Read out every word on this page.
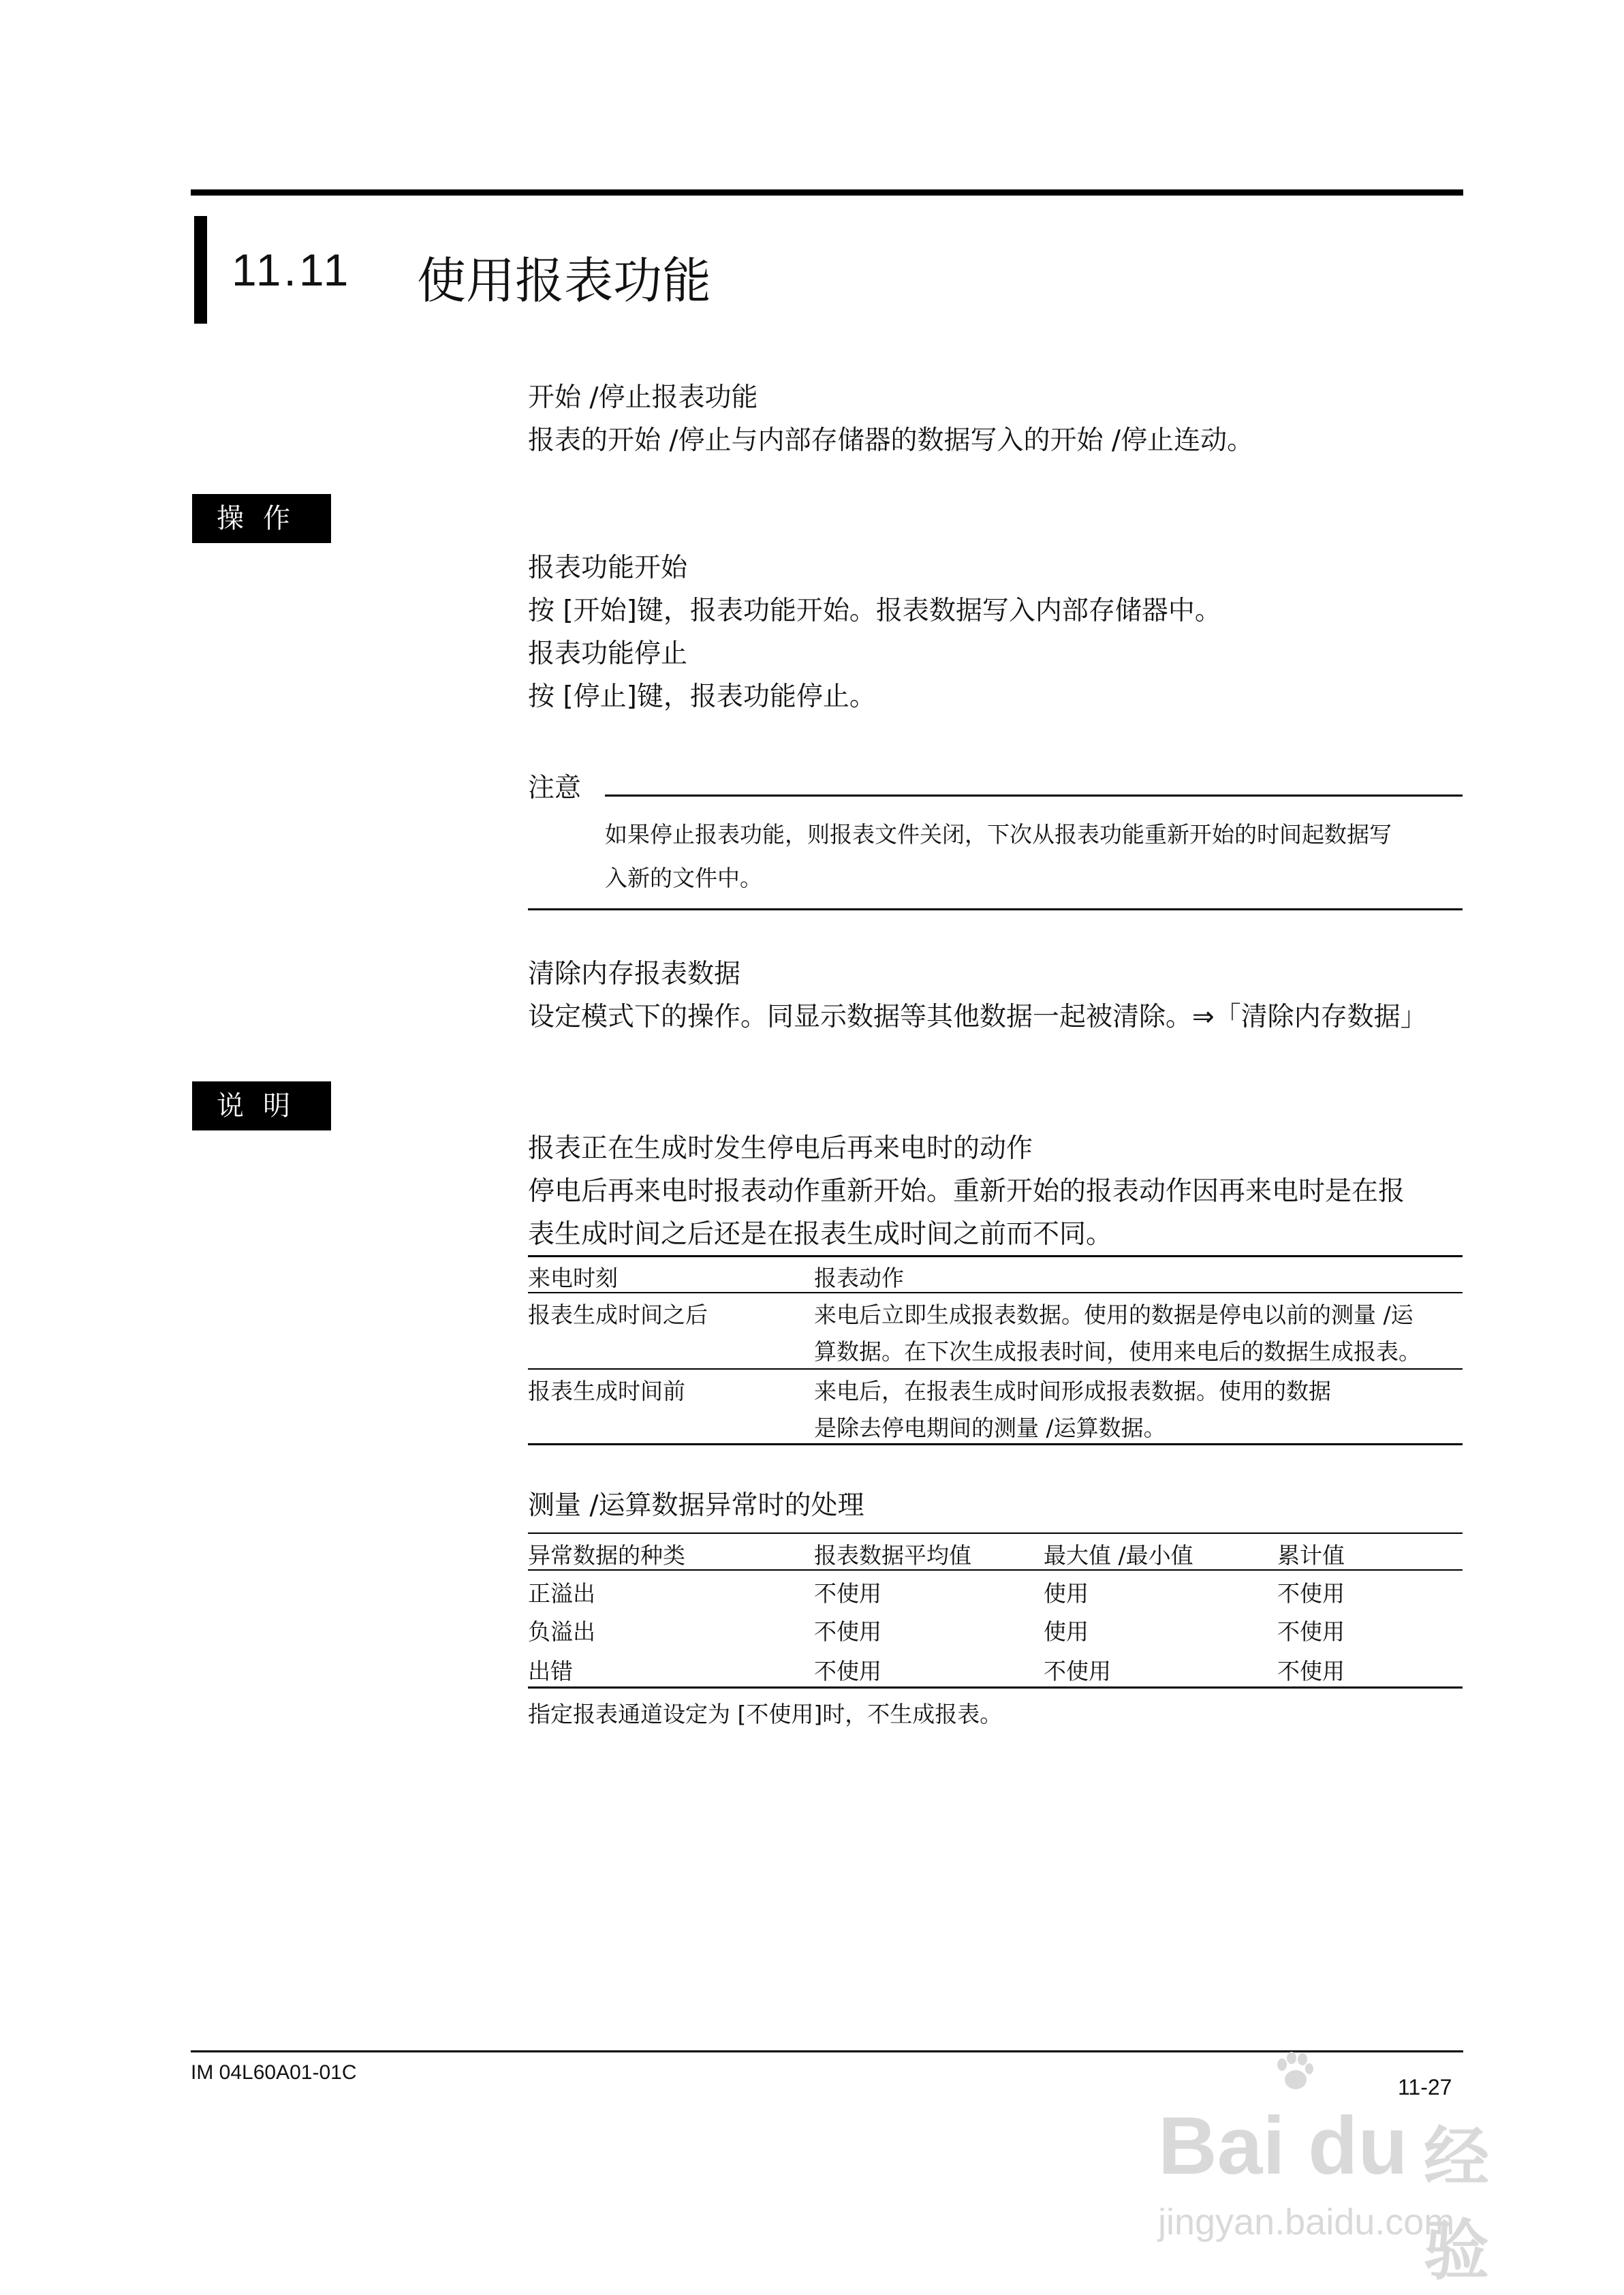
11.11 使用报表功能
开始 /停止报表功能
报表的开始 /停止与内部存储器的数据写入的开始 /停止连动。
操作
报表功能开始
按 [开始]键，报表功能开始。报表数据写入内部存储器中。
报表功能停止
按 [停止]键，报表功能停止。
注意
如果停止报表功能，则报表文件关闭，下次从报表功能重新开始的时间起数据写
入新的文件中。
清除内存报表数据
设定模式下的操作。同显示数据等其他数据一起被清除。⇒「清除内存数据」
说明
报表正在生成时发生停电后再来电时的动作
停电后再来电时报表动作重新开始。重新开始的报表动作因再来电时是在报
表生成时间之后还是在报表生成时间之前而不同。
来电时刻	报表动作
报表生成时间之后	来电后立即生成报表数据。使用的数据是停电以前的测量 /运
算数据。在下次生成报表时间，使用来电后的数据生成报表。
报表生成时间前	来电后，在报表生成时间形成报表数据。使用的数据
是除去停电期间的测量 /运算数据。
测量 /运算数据异常时的处理
异常数据的种类	报表数据平均值	最大值 /最小值	累计值
正溢出	不使用	使用	不使用
负溢出	不使用	使用	不使用
出错	不使用	不使用	不使用
指定报表通道设定为 [不使用]时，不生成报表。
IM 04L60A01-01C
11-27
Bai du 经验
jingyan.baidu.com
